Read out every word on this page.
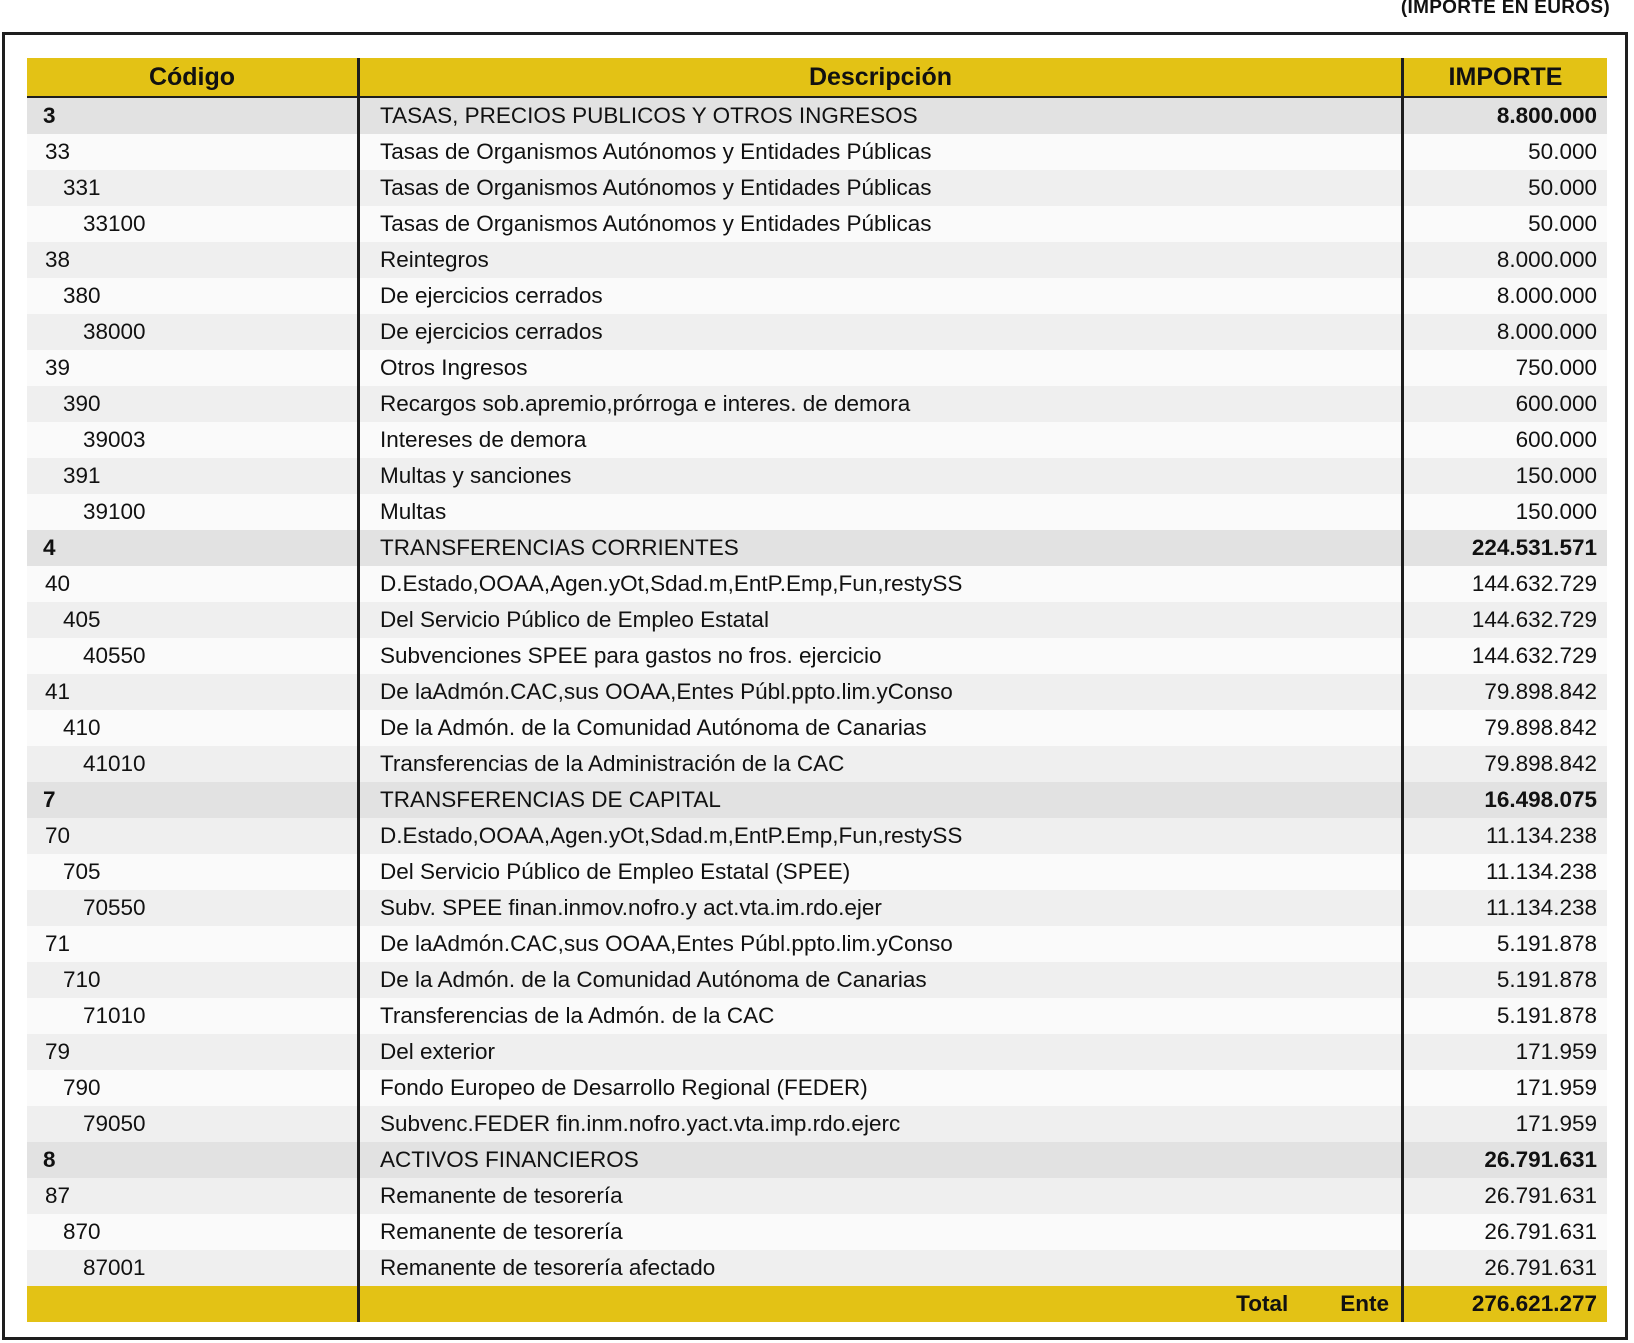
(IMPORTE EN EUROS)
Código	Descripción	IMPORTE
3	TASAS, PRECIOS PUBLICOS Y OTROS INGRESOS	8.800.000
33	Tasas de Organismos Autónomos y Entidades Públicas	50.000
331	Tasas de Organismos Autónomos y Entidades Públicas	50.000
33100	Tasas de Organismos Autónomos y Entidades Públicas	50.000
38	Reintegros	8.000.000
380	De ejercicios cerrados	8.000.000
38000	De ejercicios cerrados	8.000.000
39	Otros Ingresos	750.000
390	Recargos sob.apremio,prórroga e interes. de demora	600.000
39003	Intereses de demora	600.000
391	Multas y sanciones	150.000
39100	Multas	150.000
4	TRANSFERENCIAS CORRIENTES	224.531.571
40	D.Estado,OOAA,Agen.yOt,Sdad.m,EntP.Emp,Fun,restySS	144.632.729
405	Del Servicio Público de Empleo Estatal	144.632.729
40550	Subvenciones SPEE para gastos no fros. ejercicio	144.632.729
41	De laAdmón.CAC,sus OOAA,Entes Públ.ppto.lim.yConso	79.898.842
410	De la Admón. de la Comunidad Autónoma de Canarias	79.898.842
41010	Transferencias de la Administración de la CAC	79.898.842
7	TRANSFERENCIAS DE CAPITAL	16.498.075
70	D.Estado,OOAA,Agen.yOt,Sdad.m,EntP.Emp,Fun,restySS	11.134.238
705	Del Servicio Público de Empleo Estatal (SPEE)	11.134.238
70550	Subv. SPEE finan.inmov.nofro.y act.vta.im.rdo.ejer	11.134.238
71	De laAdmón.CAC,sus OOAA,Entes Públ.ppto.lim.yConso	5.191.878
710	De la Admón. de la Comunidad Autónoma de Canarias	5.191.878
71010	Transferencias de la Admón. de la CAC	5.191.878
79	Del exterior	171.959
790	Fondo Europeo de Desarrollo Regional (FEDER)	171.959
79050	Subvenc.FEDER fin.inm.nofro.yact.vta.imp.rdo.ejerc	171.959
8	ACTIVOS FINANCIEROS	26.791.631
87	Remanente de tesorería	26.791.631
870	Remanente de tesorería	26.791.631
87001	Remanente de tesorería afectado	26.791.631
Total Ente	276.621.277
